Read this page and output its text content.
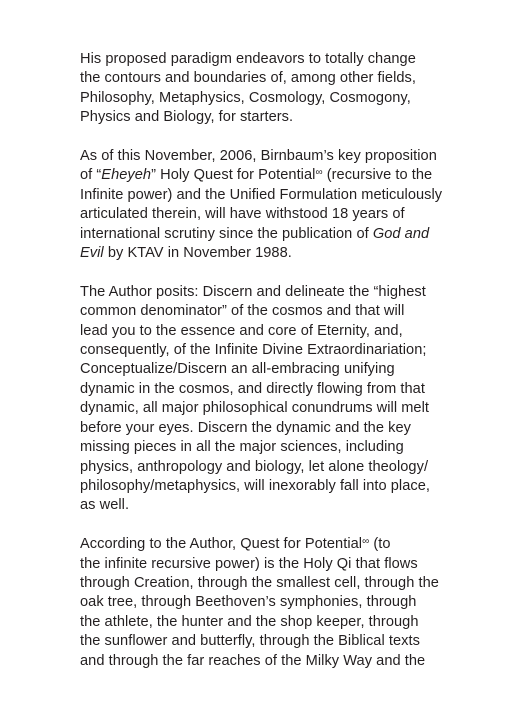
His proposed paradigm endeavors to totally change
the contours and boundaries of, among other fields,
Philosophy, Metaphysics, Cosmology, Cosmogony,
Physics and Biology, for starters.

As of this November, 2006, Birnbaum’s key proposition
of “Eheyeh” Holy Quest for Potential∞ (recursive to the
Infinite power) and the Unified Formulation meticulously
articulated therein, will have withstood 18 years of
international scrutiny since the publication of God and
Evil by KTAV in November 1988.

The Author posits: Discern and delineate the “highest
common denominator” of the cosmos and that will
lead you to the essence and core of Eternity, and,
consequently, of the Infinite Divine Extraordinariation;
Conceptualize/Discern an all-embracing unifying
dynamic in the cosmos, and directly flowing from that
dynamic, all major philosophical conundrums will melt
before your eyes. Discern the dynamic and the key
missing pieces in all the major sciences, including
physics, anthropology and biology, let alone theology/
philosophy/metaphysics, will inexorably fall into place,
as well.

According to the Author, Quest for Potential∞ (to
the infinite recursive power) is the Holy Qi that flows
through Creation, through the smallest cell, through the
oak tree, through Beethoven’s symphonies, through
the athlete, the hunter and the shop keeper, through
the sunflower and butterfly, through the Biblical texts
and through the far reaches of the Milky Way and the
